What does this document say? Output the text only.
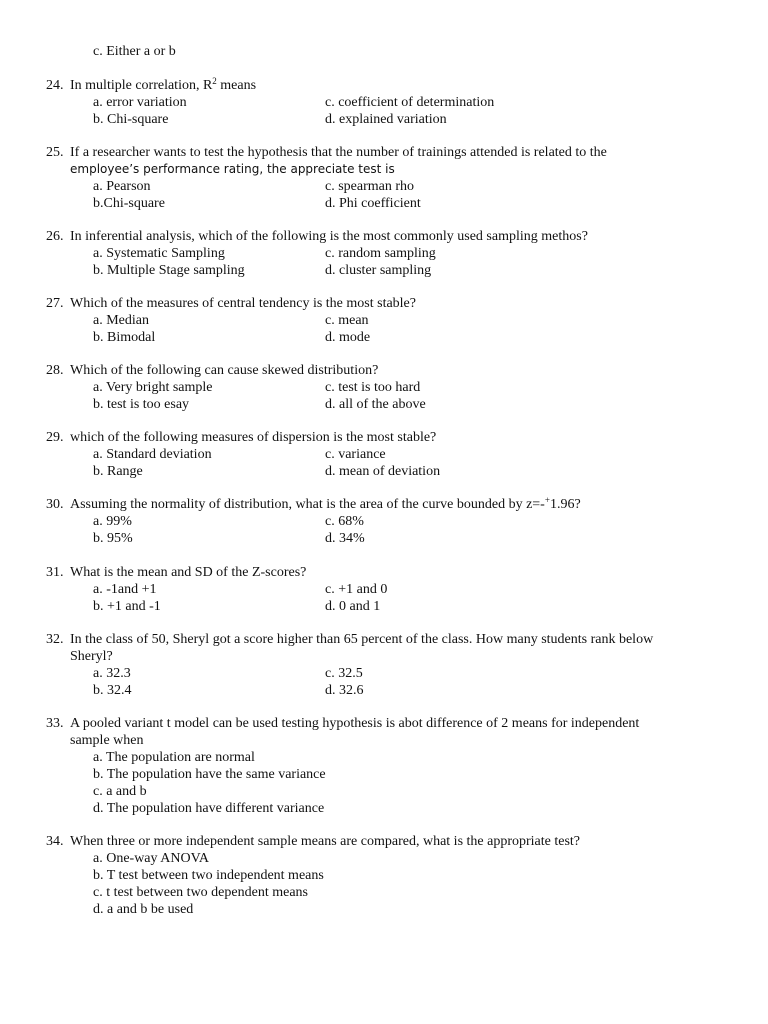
c. Either a or b
24. In multiple correlation, $R^2$ means
a. error variation	c. coefficient of determination
b. Chi-square	d. explained variation
25. If a researcher wants to test the hypothesis that the number of trainings attended is related to the
employee’s performance rating, the appreciate test is
a. Pearson	c. spearman rho
b.Chi-square	d. Phi coefficient
26. In inferential analysis, which of the following is the most commonly used sampling methos?
a. Systematic Sampling	c. random sampling
b. Multiple Stage sampling	d. cluster sampling
27. Which of the measures of central tendency is the most stable?
a. Median	c. mean
b. Bimodal	d. mode
28. Which of the following can cause skewed distribution?
a. Very bright sample	c. test is too hard
b. test is too esay	d. all of the above
29. which of the following measures of dispersion is the most stable?
a. Standard deviation	c. variance
b. Range	d. mean of deviation
30. Assuming the normality of distribution, what is the area of the curve bounded by z=-+1.96?
a. 99%	c. 68%
b. 95%	d. 34%
31. What is the mean and SD of the Z-scores?
a. -1and +1	c. +1 and 0
b. +1 and -1	d. 0 and 1
32. In the class of 50, Sheryl got a score higher than 65 percent of the class. How many students rank below
Sheryl?
a. 32.3	c. 32.5
b. 32.4	d. 32.6
33. A pooled variant t model can be used testing hypothesis is abot difference of 2 means for independent
sample when
a. The population are normal
b. The population have the same variance
c. a and b
d. The population have different variance
34. When three or more independent sample means are compared, what is the appropriate test?
a. One-way ANOVA
b. T test between two independent means
c. t test between two dependent means
d. a and b be used
